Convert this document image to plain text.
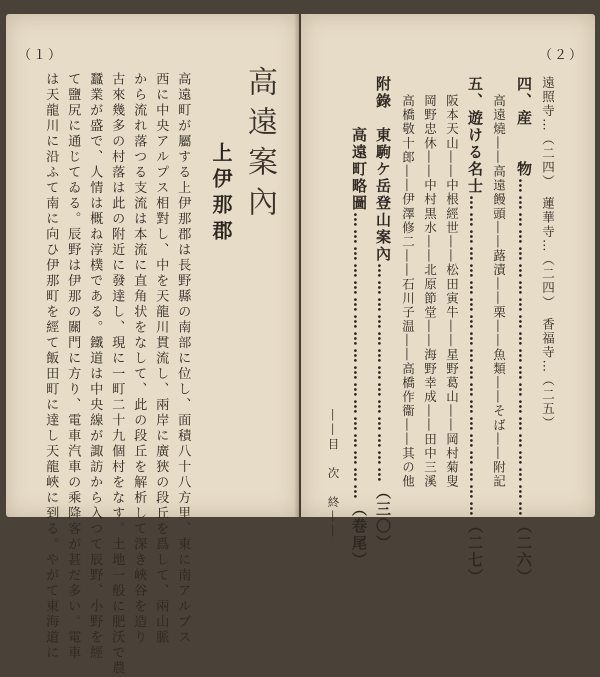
（１）
高遠案內
上伊那郡
高遠町が屬する上伊那郡は長野縣の南部に位し、面積八十八方里、東に南アルプス
西に中央アルプス相對し、中を天龍川貫流し、兩岸に廣狹の段丘を爲して、兩山脈
から流れ落つる支流は本流に直角状をなして、此の段丘を解析して深き峽谷を造り
古來幾多の村落は此の附近に發達し、現に一町二十九個村をなす。土地一般に肥沃で農
蠶業が盛で、人情は概ね淳樸である。鐵道は中央線が諏訪から入つて辰野、小野を經
て鹽尻に通じてゐる。辰野は伊那の關門に方り、電車汽車の乘降客が甚だ多い。電車
は天龍川に沿ふて南に向ひ伊那町を經て飯田町に達し天龍峽に到る。やがて東海道に
（２）
遠照寺…（二四）　蓮華寺…（二四）　香福寺…（二五）
四、産　　物……………………………………………………（二六）
高遠燒――高遠饅頭――蕗漬――栗――魚類――そば――附記
五、遊ける名士…………………………………………………（二七）
阪本天山――中根經世――松田寅牛――星野葛山――岡村菊叟
岡野忠休――中村黒水――北原節堂――海野幸成――田中三溪
高橋敬十郎――伊澤修二――石川子温――高橋作衞――其の他
附錄　東駒ケ岳登山案內…………………………………（三〇）
　　　高遠町略圖……………………………………………（卷尾）
――目　次　終――
